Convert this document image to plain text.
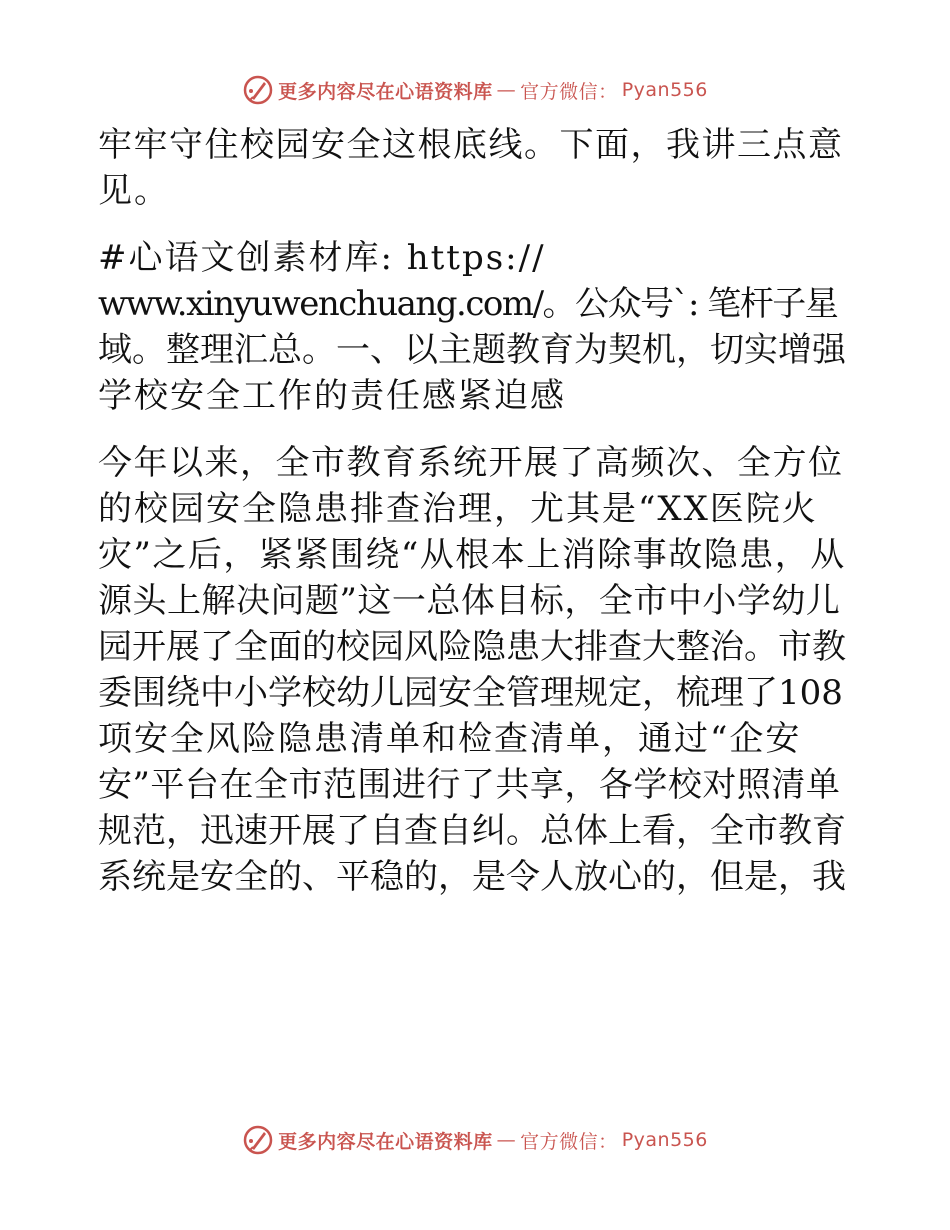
更多内容尽在心语资料库 — 官方微信： Pyan556
牢牢守住校园安全这根底线。下面，我讲三点意
见。
#心语文创素材库: https://
www.xinyuwenchuang.com/。公众号`: 笔杆子星
域。整理汇总。一、以主题教育为契机，切实增强
学校安全工作的责任感紧迫感
今年以来，全市教育系统开展了高频次、全方位
的校园安全隐患排查治理，尤其是“XX医院火
灾”之后，紧紧围绕“从根本上消除事故隐患，从
源头上解决问题”这一总体目标，全市中小学幼儿
园开展了全面的校园风险隐患大排查大整治。市教
委围绕中小学校幼儿园安全管理规定，梳理了108
项安全风险隐患清单和检查清单，通过“企安
安”平台在全市范围进行了共享，各学校对照清单
规范，迅速开展了自查自纠。总体上看，全市教育
系统是安全的、平稳的，是令人放心的，但是，我
更多内容尽在心语资料库 — 官方微信： Pyan556
